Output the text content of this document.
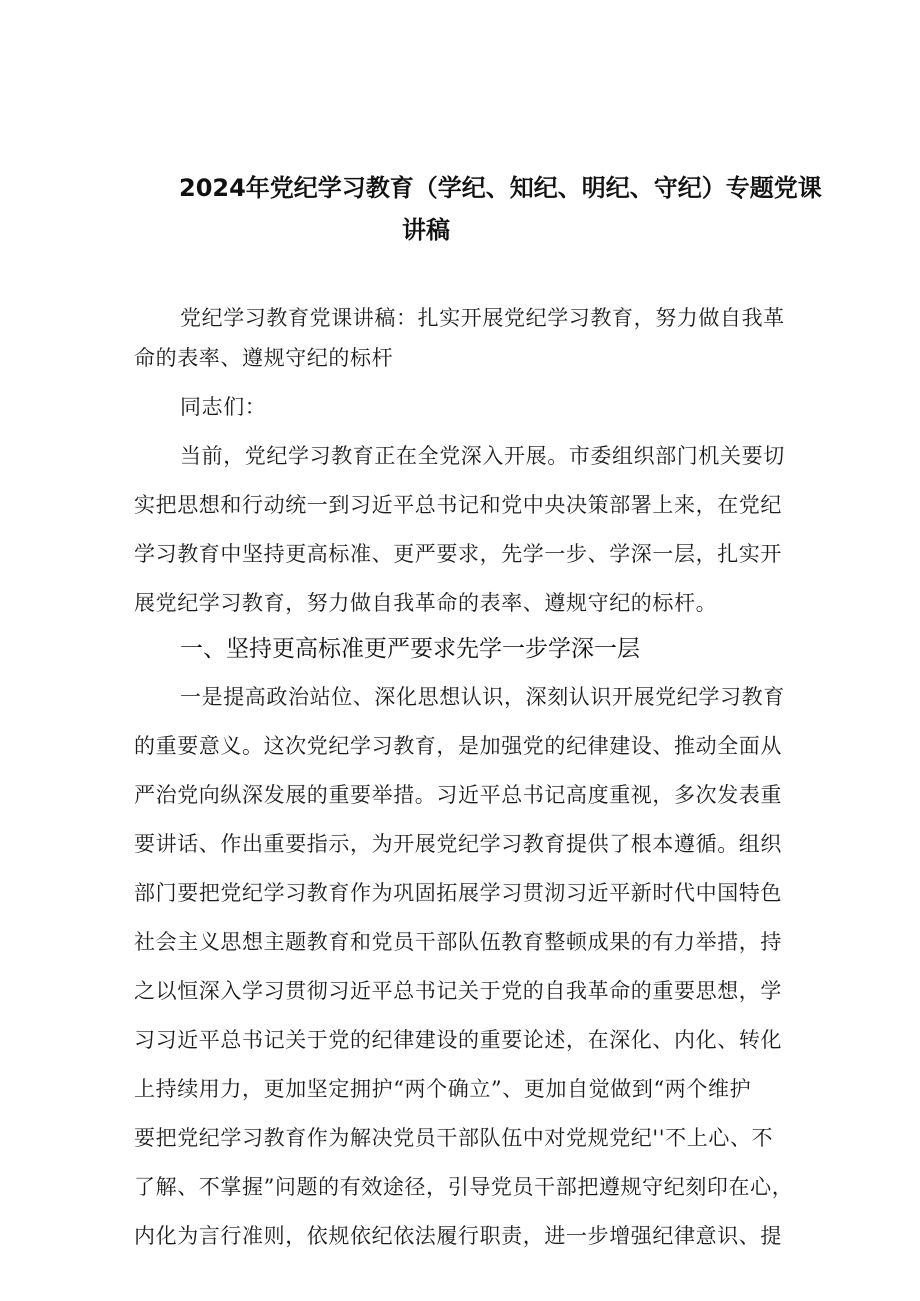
2024年党纪学习教育（学纪、知纪、明纪、守纪）专题党课
讲稿
党纪学习教育党课讲稿：扎实开展党纪学习教育，努力做自我革
命的表率、遵规守纪的标杆
同志们：
当前，党纪学习教育正在全党深入开展。市委组织部门机关要切
实把思想和行动统一到习近平总书记和党中央决策部署上来，在党纪
学习教育中坚持更高标准、更严要求，先学一步、学深一层，扎实开
展党纪学习教育，努力做自我革命的表率、遵规守纪的标杆。
一、坚持更高标准更严要求先学一步学深一层
一是提高政治站位、深化思想认识，深刻认识开展党纪学习教育
的重要意义。这次党纪学习教育，是加强党的纪律建设、推动全面从
严治党向纵深发展的重要举措。习近平总书记高度重视，多次发表重
要讲话、作出重要指示，为开展党纪学习教育提供了根本遵循。组织
部门要把党纪学习教育作为巩固拓展学习贯沏习近平新时代中国特色
社会主义思想主题教育和党员干部队伍教育整顿成果的有力举措，持
之以恒深入学习贯彻习近平总书记关于党的自我革命的重要思想，学
习习近平总书记关于党的纪律建设的重要论述，在深化、内化、转化
上持续用力，更加坚定拥护“两个确立”、更加自觉做到“两个维护
要把党纪学习教育作为解决党员干部队伍中对党规党纪''不上心、不
了解、不掌握”问题的有效途径，引导党员干部把遵规守纪刻印在心，
内化为言行准则，依规依纪依法履行职责，进一步增强纪律意识、提
